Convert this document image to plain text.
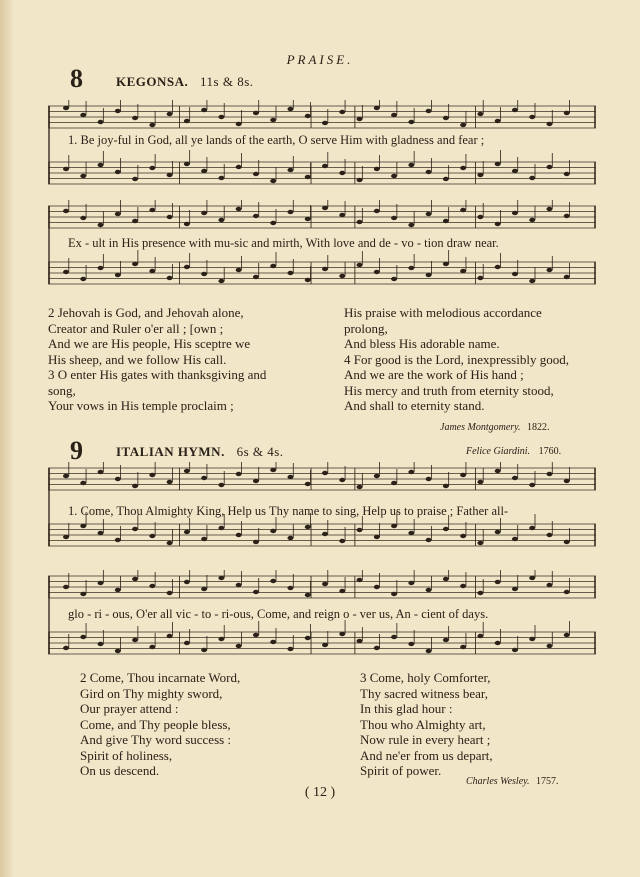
PRAISE.
8	KEGONSA. 11s & 8s.
1. Be joy-ful in God, all ye lands of the earth, O serve Him with gladness and fear ;
Ex - ult in His presence with mu-sic and mirth, With love and de - vo - tion draw near.
2 Jehovah is God, and Jehovah alone,
Creator and Ruler o'er all ; [own ;
And we are His people, His sceptre we
His sheep, and we follow His call.
3 O enter His gates with thanksgiving and
song,
Your vows in His temple proclaim ;
His praise with melodious accordance
prolong,
And bless His adorable name.
4 For good is the Lord, inexpressibly good,
And we are the work of His hand ;
His mercy and truth from eternity stood,
And shall to eternity stand.
James Montgomery. 1822.
9	ITALIAN HYMN. 6s & 4s.	Felice Giardini. 1760.
1. Come, Thou Almighty King, Help us Thy name to sing, Help us to praise ; Father all-
glo - ri - ous, O'er all vic - to - ri-ous, Come, and reign o - ver us, An - cient of days.
2 Come, Thou incarnate Word,
Gird on Thy mighty sword,
Our prayer attend :
Come, and Thy people bless,
And give Thy word success :
Spirit of holiness,
On us descend.
3 Come, holy Comforter,
Thy sacred witness bear,
In this glad hour :
Thou who Almighty art,
Now rule in every heart ;
And ne'er from us depart,
Spirit of power.
Charles Wesley. 1757.
( 12 )
